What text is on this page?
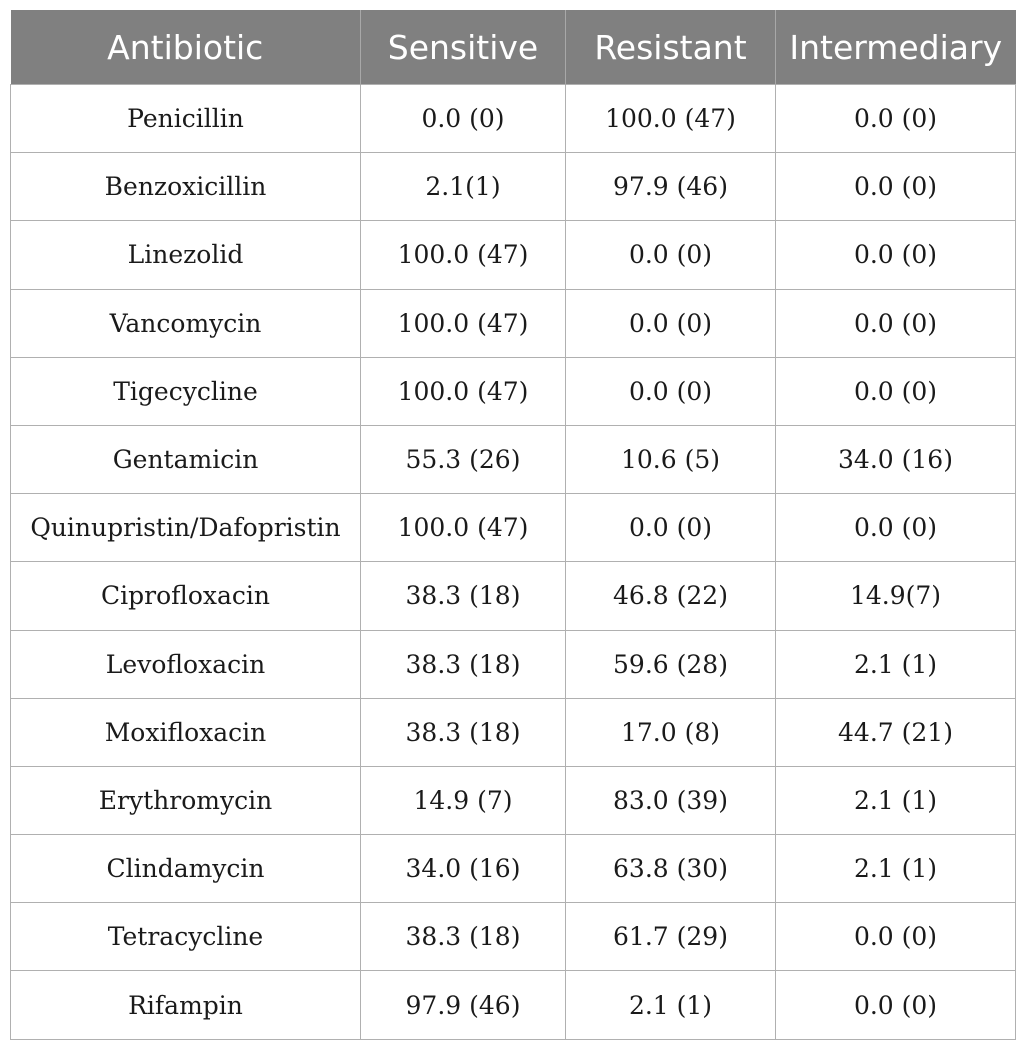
Antibiotic	Sensitive	Resistant	Intermediary
Penicillin	0.0 (0)	100.0 (47)	0.0 (0)
Benzoxicillin	2.1(1)	97.9 (46)	0.0 (0)
Linezolid	100.0 (47)	0.0 (0)	0.0 (0)
Vancomycin	100.0 (47)	0.0 (0)	0.0 (0)
Tigecycline	100.0 (47)	0.0 (0)	0.0 (0)
Gentamicin	55.3 (26)	10.6 (5)	34.0 (16)
Quinupristin/Dafopristin	100.0 (47)	0.0 (0)	0.0 (0)
Ciprofloxacin	38.3 (18)	46.8 (22)	14.9(7)
Levofloxacin	38.3 (18)	59.6 (28)	2.1 (1)
Moxifloxacin	38.3 (18)	17.0 (8)	44.7 (21)
Erythromycin	14.9 (7)	83.0 (39)	2.1 (1)
Clindamycin	34.0 (16)	63.8 (30)	2.1 (1)
Tetracycline	38.3 (18)	61.7 (29)	0.0 (0)
Rifampin	97.9 (46)	2.1 (1)	0.0 (0)
